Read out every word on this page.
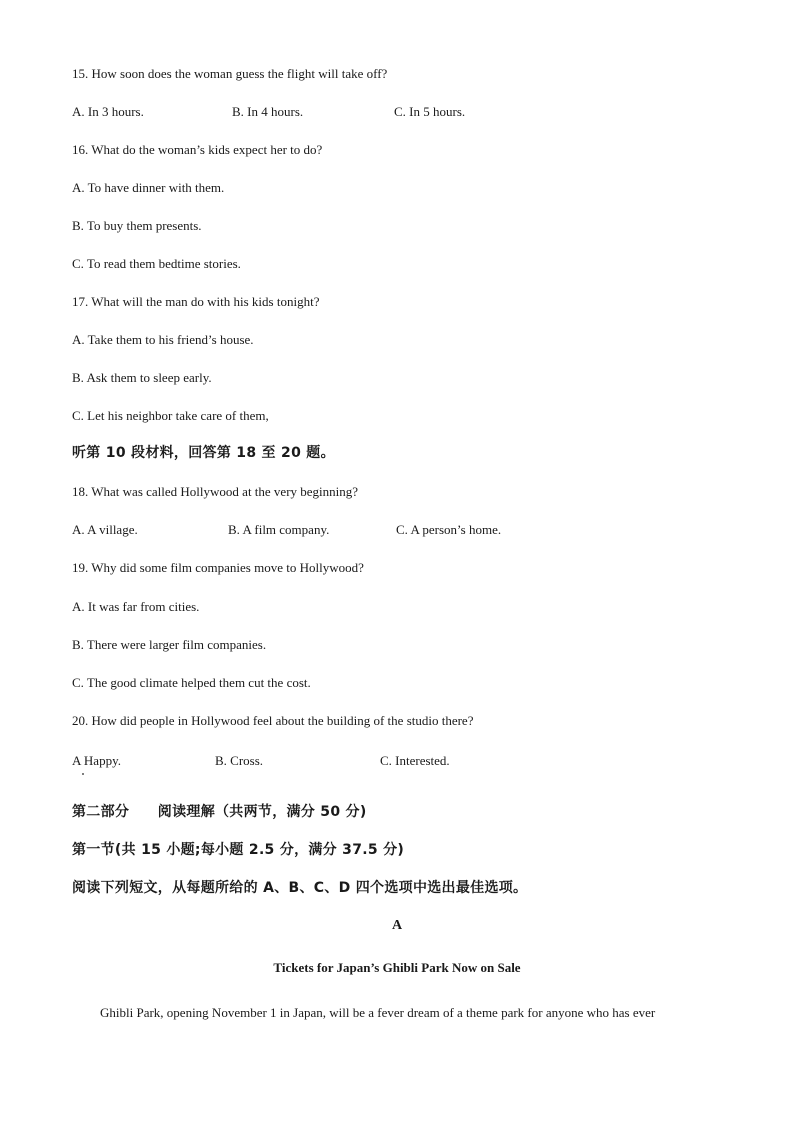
15. How soon does the woman guess the flight will take off?
A. In 3 hours.	B. In 4 hours.	C. In 5 hours.
16. What do the woman’s kids expect her to do?
A. To have dinner with them.
B. To buy them presents.
C. To read them bedtime stories.
17. What will the man do with his kids tonight?
A. Take them to his friend’s house.
B. Ask them to sleep early.
C. Let his neighbor take care of them,
听第 10 段材料，回答第 18 至 20 题。
18. What was called Hollywood at the very beginning?
A. A village.	B. A film company.	C. A person’s home.
19. Why did some film companies move to Hollywood?
A. It was far from cities.
B. There were larger film companies.
C. The good climate helped them cut the cost.
20. How did people in Hollywood feel about the building of the studio there?
A Happy.	B. Cross.	C. Interested.
第二部分　　阅读理解（共两节，满分 50 分)
第一节(共 15 小题;每小题 2.5 分，满分 37.5 分)
阅读下列短文，从每题所给的 A、B、C、D 四个选项中选出最佳选项。
A
Tickets for Japan’s Ghibli Park Now on Sale
Ghibli Park, opening November 1 in Japan, will be a fever dream of a theme park for anyone who has ever
